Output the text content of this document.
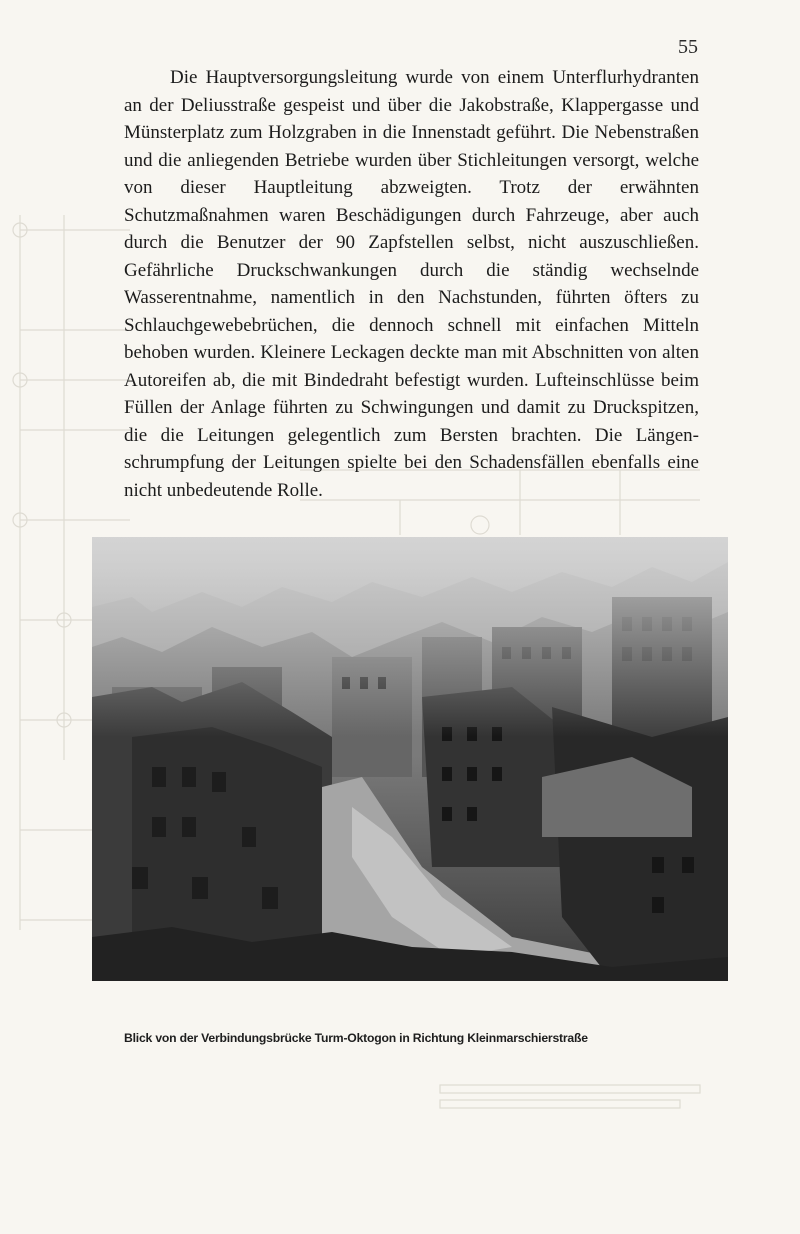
55

Die Hauptversorgungsleitung wurde von einem Unterflurhydranten an der Deliusstraße gespeist und über die Jakobstraße, Klappergasse und Münsterplatz zum Holzgraben in die Innenstadt geführt. Die Nebenstraßen und die anliegenden Betriebe wurden über Stichleitungen versorgt, welche von dieser Hauptleitung abzweigten. Trotz der erwähnten Schutzmaßnahmen waren Beschädigungen durch Fahrzeuge, aber auch durch die Benutzer der 90 Zapfstellen selbst, nicht auszuschließen. Gefährliche Druckschwankungen durch die ständig wechselnde Wasserentnahme, namentlich in den Nachstunden, führten öfters zu Schlauchgewebebrüchen, die dennoch schnell mit einfachen Mitteln behoben wurden. Kleinere Leckagen deckte man mit Abschnitten von alten Autoreifen ab, die mit Bindedraht befestigt wurden. Lufteinschlüsse beim Füllen der Anlage führten zu Schwingungen und damit zu Druckspitzen, die die Leitungen gelegentlich zum Bersten brachten. Die Längenschrumpfung der Leitungen spielte bei den Schadensfällen ebenfalls eine nicht unbedeutende Rolle.

Blick von der Verbindungsbrücke Turm-Oktogon in Richtung Kleinmarschierstraße
